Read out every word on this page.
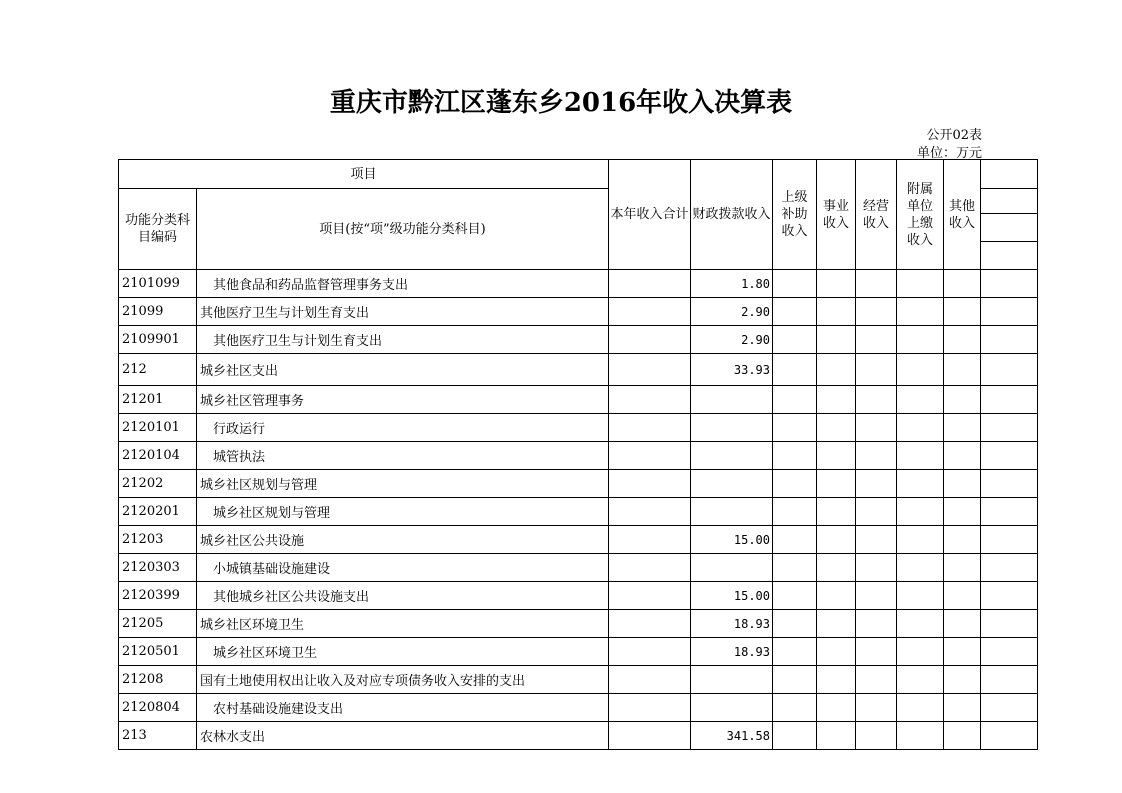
重庆市黔江区蓬东乡2016年收入决算表
公开02表
单位：万元
项目		本年收入合计	财政拨款收入	上级补助收入	事业收入	经营收入	附属单位上缴收入	其他收入	

功能分类科目编码	项目(按“项”级功能分类科目)								

2101099	其他食品和药品监督管理事务支出		1.80						
21099	其他医疗卫生与计划生育支出		2.90						
2109901	其他医疗卫生与计划生育支出		2.90						
212	城乡社区支出		33.93						
21201	城乡社区管理事务								
2120101	行政运行								
2120104	城管执法								
21202	城乡社区规划与管理								
2120201	城乡社区规划与管理								
21203	城乡社区公共设施		15.00						
2120303	小城镇基础设施建设								
2120399	其他城乡社区公共设施支出		15.00						
21205	城乡社区环境卫生		18.93						
2120501	城乡社区环境卫生		18.93						
21208	国有土地使用权出让收入及对应专项债务收入安排的支出								
2120804	农村基础设施建设支出								
213	农林水支出		341.58						
